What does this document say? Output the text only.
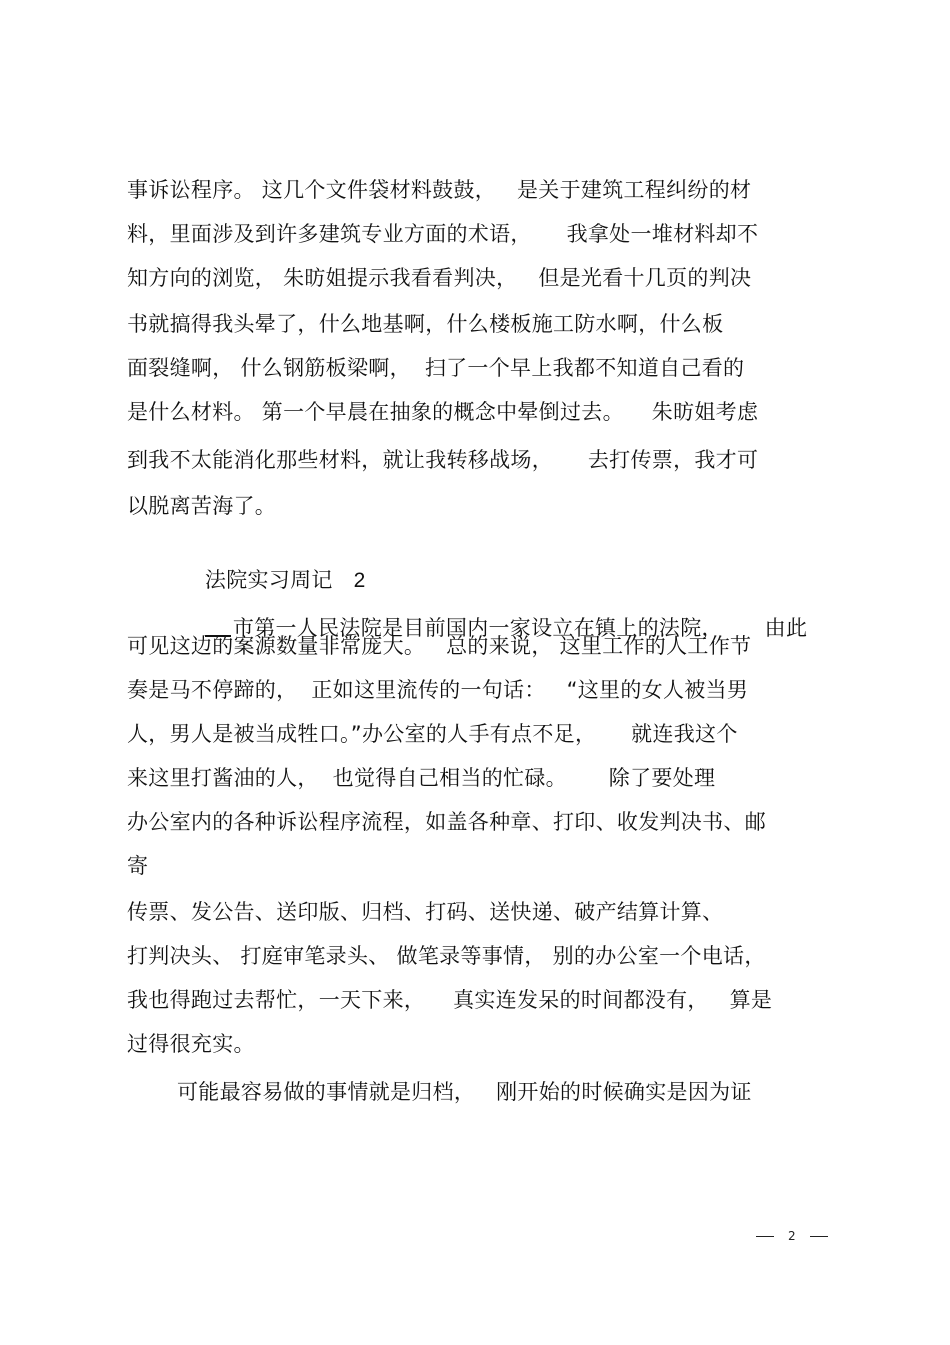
事诉讼程序。 这几个文件袋材料鼓鼓，   是关于建筑工程纠纷的材
料，里面涉及到许多建筑专业方面的术语，     我拿处一堆材料却不
知方向的浏览， 朱昉姐提示我看看判决，   但是光看十几页的判决
书就搞得我头晕了，什么地基啊，什么楼板施工防水啊，什么板
面裂缝啊， 什么钢筋板梁啊，  扫了一个早上我都不知道自己看的
是什么材料。 第一个早晨在抽象的概念中晕倒过去。    朱昉姐考虑
到我不太能消化那些材料，就让我转移战场，     去打传票，我才可
以脱离苦海了。

法院实习周记 2

市第一人民法院是目前国内一家设立在镇上的法院，      由此

可见这边的案源数量非常庞大。   总的来说， 这里工作的人工作节
奏是马不停蹄的，  正如这里流传的一句话：   “这里的女人被当男
人，男人是被当成牲口。”办公室的人手有点不足，     就连我这个
来这里打酱油的人，  也觉得自己相当的忙碌。      除了要处理
办公室内的各种诉讼程序流程，如盖各种章、打印、收发判决书、邮
寄
传票、发公告、送印版、归档、打码、送快递、破产结算计算、
打判决头、 打庭审笔录头、 做笔录等事情， 别的办公室一个电话，
我也得跑过去帮忙，一天下来，    真实连发呆的时间都没有，   算是
过得很充实。
可能最容易做的事情就是归档，   刚开始的时候确实是因为证
2
